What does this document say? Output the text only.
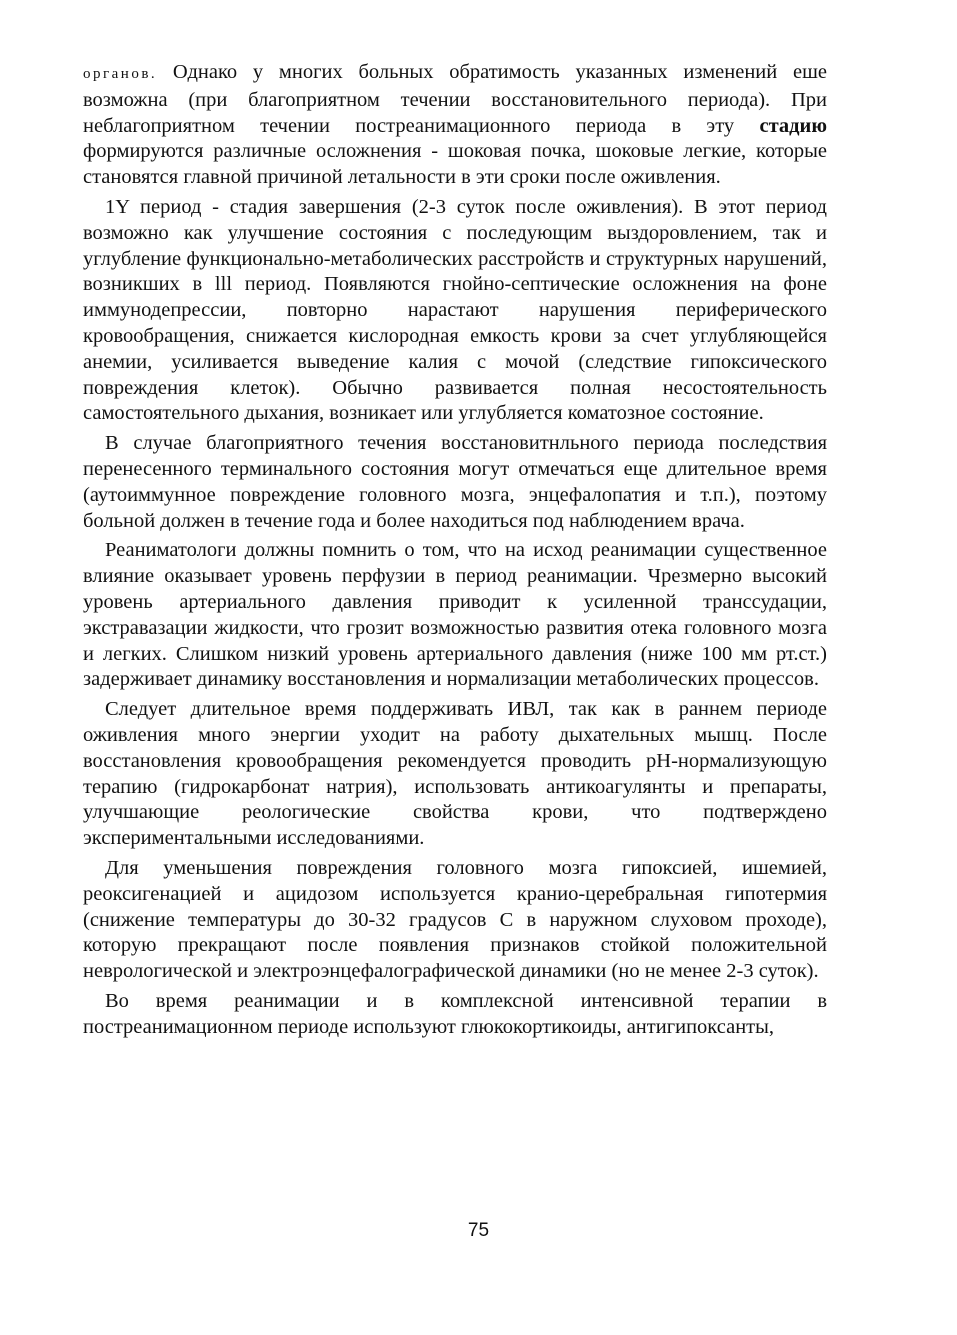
органов. Однако у многих больных обратимость указанных изменений еше возможна (при благоприятном течении восстановительного периода). При неблагоприятном течении постреанимационного периода в эту стадию формируются различные осложнения - шоковая почка, шоковые легкие, которые становятся главной причиной летальности в эти сроки после оживления.

1Y период - стадия завершения (2-3 суток после оживления). В этот период возможно как улучшение состояния с последующим выздоровлением, так и углубление функционально-метаболических расстройств и структурных нарушений, возникших в lll период. Появляются гнойно-септические осложнения на фоне иммунодепрессии, повторно нарастают нарушения периферического кровообращения, снижается кислородная емкость крови за счет углубляющейся анемии, усиливается выведение калия с мочой (следствие гипоксического повреждения клеток). Обычно развивается полная несостоятельность самостоятельного дыхания, возникает или углубляется коматозное состояние.

В случае благоприятного течения восстановитнльного периода последствия перенесенного терминального состояния могут отмечаться еще длительное время (аутоиммунное повреждение головного мозга, энцефалопатия и т.п.), поэтому больной должен в течение года и более находиться под наблюдением врача.

Реаниматологи должны помнить о том, что на исход реанимации существенное влияние оказывает уровень перфузии в период реанимации. Чрезмерно высокий уровень артериального давления приводит к усиленной транссудации, экстравазации жидкости, что грозит возможностью развития отека головного мозга и легких. Слишком низкий уровень артериального давления (ниже 100 мм рт.ст.) задерживает динамику восстановления и нормализации метаболических процессов.

Следует длительное время поддерживать ИВЛ, так как в раннем периоде оживления много энергии уходит на работу дыхательных мышц. После восстановления кровообращения рекомендуется проводить рН-нормализующую терапию (гидрокарбонат натрия), использовать антикоагулянты и препараты, улучшающие реологические свойства крови, что подтверждено экспериментальными исследованиями.

Для уменьшения повреждения головного мозга гипоксией, ишемией, реоксигенацией и ацидозом используется кранио-церебральная гипотермия (снижение температуры до 30-32 градусов С в наружном слуховом проходе), которую прекращают после появления признаков стойкой положительной неврологической и электроэнцефалографической динамики (но не менее 2-3 суток).

Во время реанимации и в комплексной интенсивной терапии в постреанимационном периоде используют глюкокортикоиды, антигипоксанты,

75
